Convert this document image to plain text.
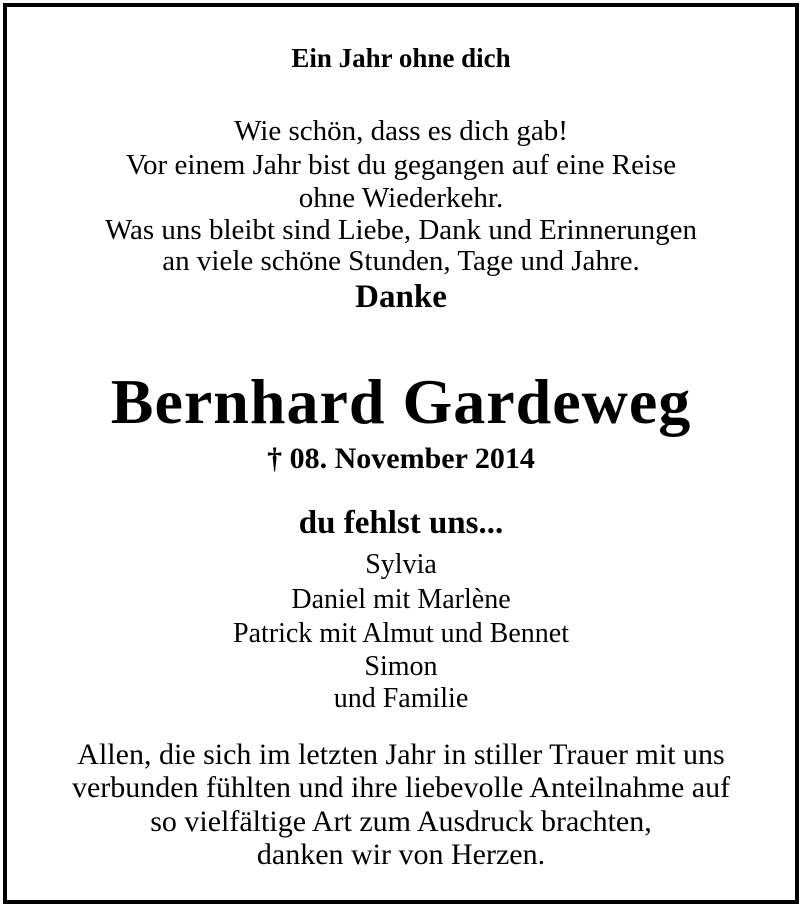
Ein Jahr ohne dich
Wie schön, dass es dich gab!
Vor einem Jahr bist du gegangen auf eine Reise
ohne Wiederkehr.
Was uns bleibt sind Liebe, Dank und Erinnerungen
an viele schöne Stunden, Tage und Jahre.
Danke
Bernhard Gardeweg
† 08. November 2014
du fehlst uns...
Sylvia
Daniel mit Marlène
Patrick mit Almut und Bennet
Simon
und Familie
Allen, die sich im letzten Jahr in stiller Trauer mit uns
verbunden fühlten und ihre liebevolle Anteilnahme auf
so vielfältige Art zum Ausdruck brachten,
danken wir von Herzen.
